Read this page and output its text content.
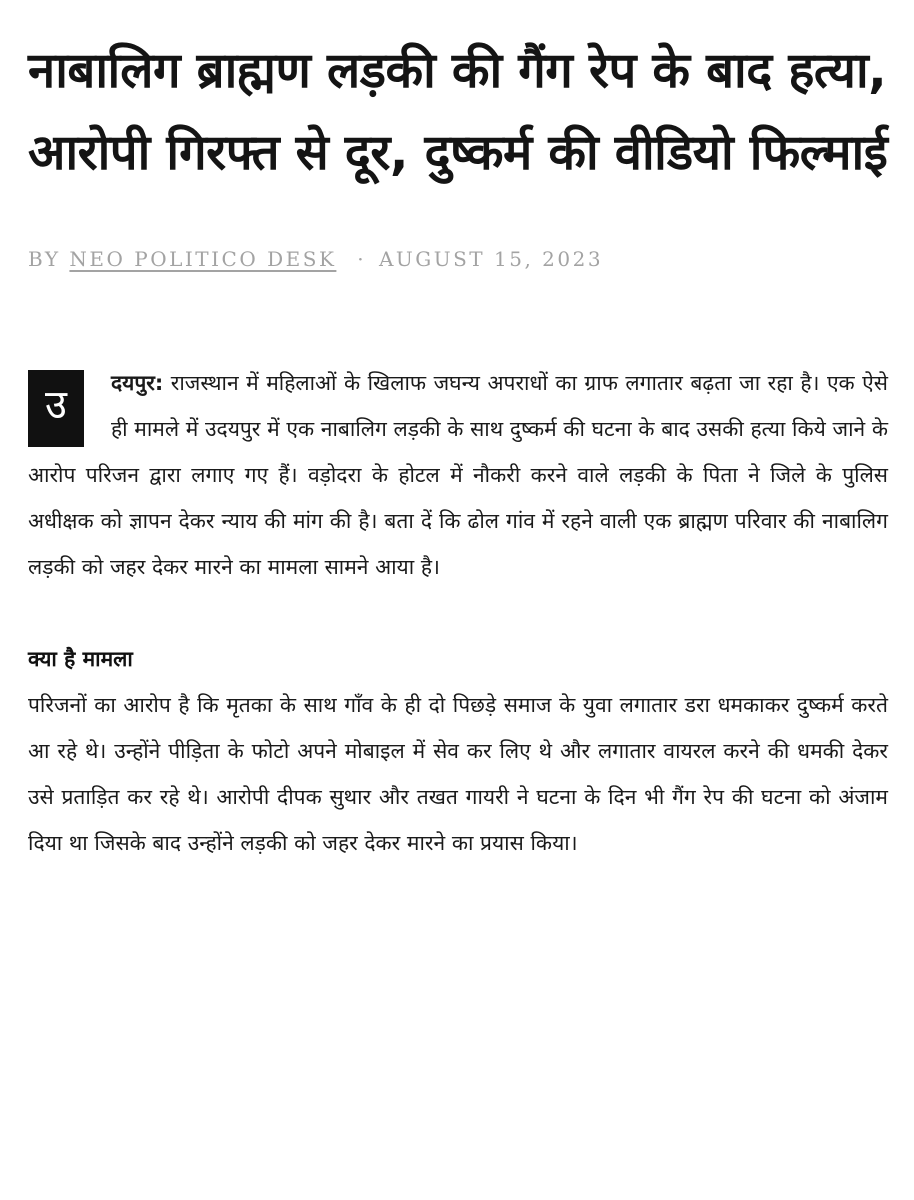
नाबालिग ब्राह्मण लड़की की गैंग रेप के बाद हत्या, आरोपी गिरफ्त से दूर, दुष्कर्म की वीडियो फिल्माई
BY NEO POLITICO DESK · AUGUST 15, 2023

उ	दयपुर: राजस्थान में महिलाओं के खिलाफ जघन्य अपराधों का ग्राफ लगातार बढ़ता जा रहा है। एक ऐसे ही मामले में उदयपुर में एक नाबालिग लड़की के साथ दुष्कर्म की घटना के बाद उसकी हत्या किये जाने के आरोप परिजन द्वारा लगाए गए हैं। वड़ोदरा के होटल में नौकरी करने वाले लड़की के पिता ने जिले के पुलिस अधीक्षक को ज्ञापन देकर न्याय की मांग की है। बता दें कि ढोल गांव में रहने वाली एक ब्राह्मण परिवार की नाबालिग लड़की को जहर देकर मारने का मामला सामने आया है।

क्या है मामला

परिजनों का आरोप है कि मृतका के साथ गाँव के ही दो पिछड़े समाज के युवा लगातार डरा धमकाकर दुष्कर्म करते आ रहे थे। उन्होंने पीड़िता के फोटो अपने मोबाइल में सेव कर लिए थे और लगातार वायरल करने की धमकी देकर उसे प्रताड़ित कर रहे थे। आरोपी दीपक सुथार और तखत गायरी ने घटना के दिन भी गैंग रेप की घटना को अंजाम दिया था जिसके बाद उन्होंने लड़की को जहर देकर मारने का प्रयास किया।
